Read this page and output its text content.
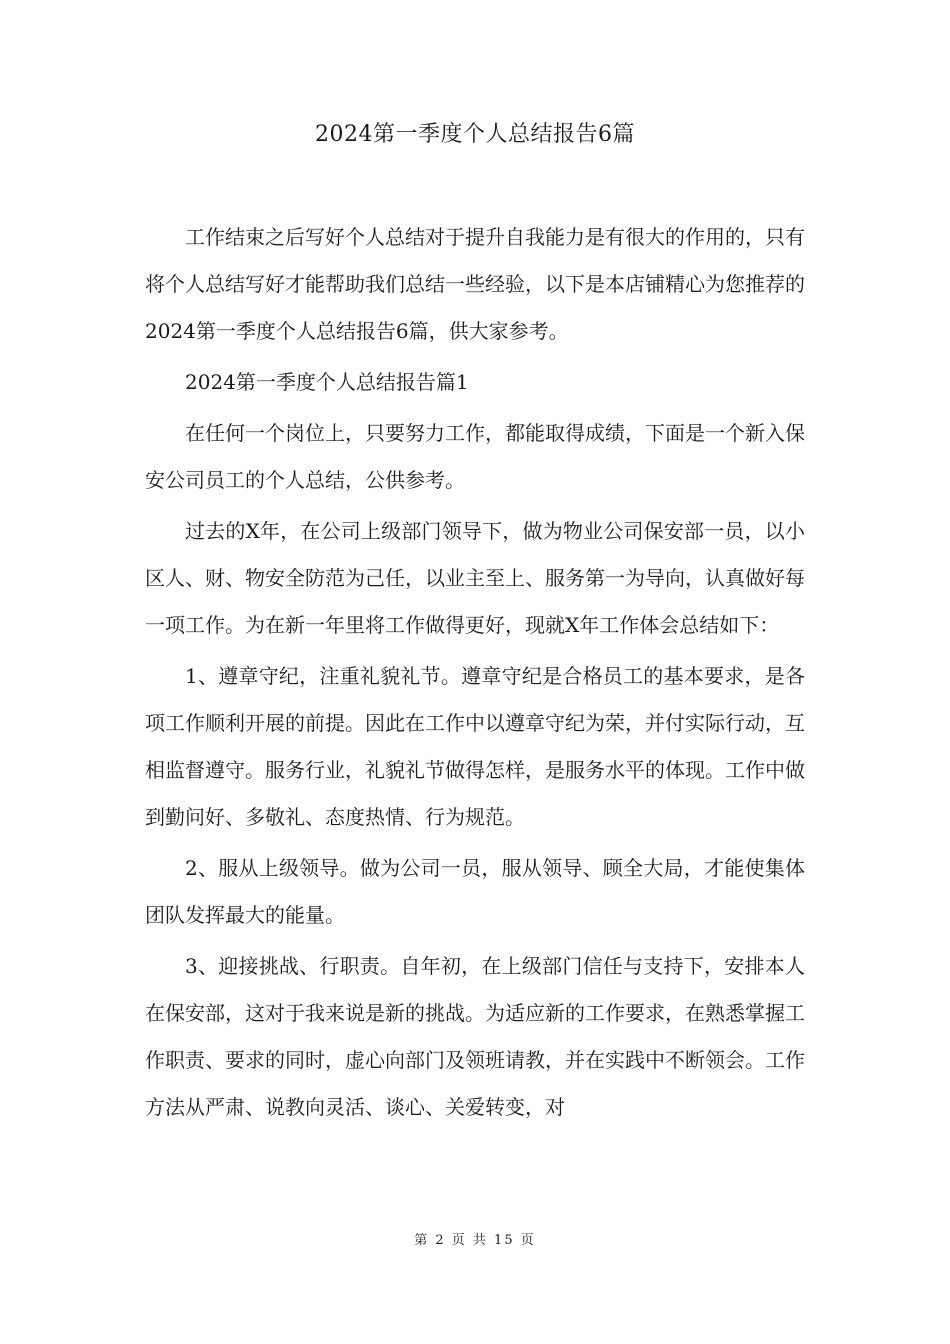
2024第一季度个人总结报告6篇

工作结束之后写好个人总结对于提升自我能力是有很大的作用的，只有将个人总结写好才能帮助我们总结一些经验，以下是本店铺精心为您推荐的2024第一季度个人总结报告6篇，供大家参考。

2024第一季度个人总结报告篇1

在任何一个岗位上，只要努力工作，都能取得成绩，下面是一个新入保安公司员工的个人总结，公供参考。

过去的X年，在公司上级部门领导下，做为物业公司保安部一员，以小区人、财、物安全防范为己任，以业主至上、服务第一为导向，认真做好每一项工作。为在新一年里将工作做得更好，现就X年工作体会总结如下：

1、遵章守纪，注重礼貌礼节。遵章守纪是合格员工的基本要求，是各项工作顺利开展的前提。因此在工作中以遵章守纪为荣，并付实际行动，互相监督遵守。服务行业，礼貌礼节做得怎样，是服务水平的体现。工作中做到勤问好、多敬礼、态度热情、行为规范。

2、服从上级领导。做为公司一员，服从领导、顾全大局，才能使集体团队发挥最大的能量。

3、迎接挑战、行职责。自年初，在上级部门信任与支持下，安排本人在保安部，这对于我来说是新的挑战。为适应新的工作要求，在熟悉掌握工作职责、要求的同时，虚心向部门及领班请教，并在实践中不断领会。工作方法从严肃、说教向灵活、谈心、关爱转变，对

第 2 页 共 15 页
